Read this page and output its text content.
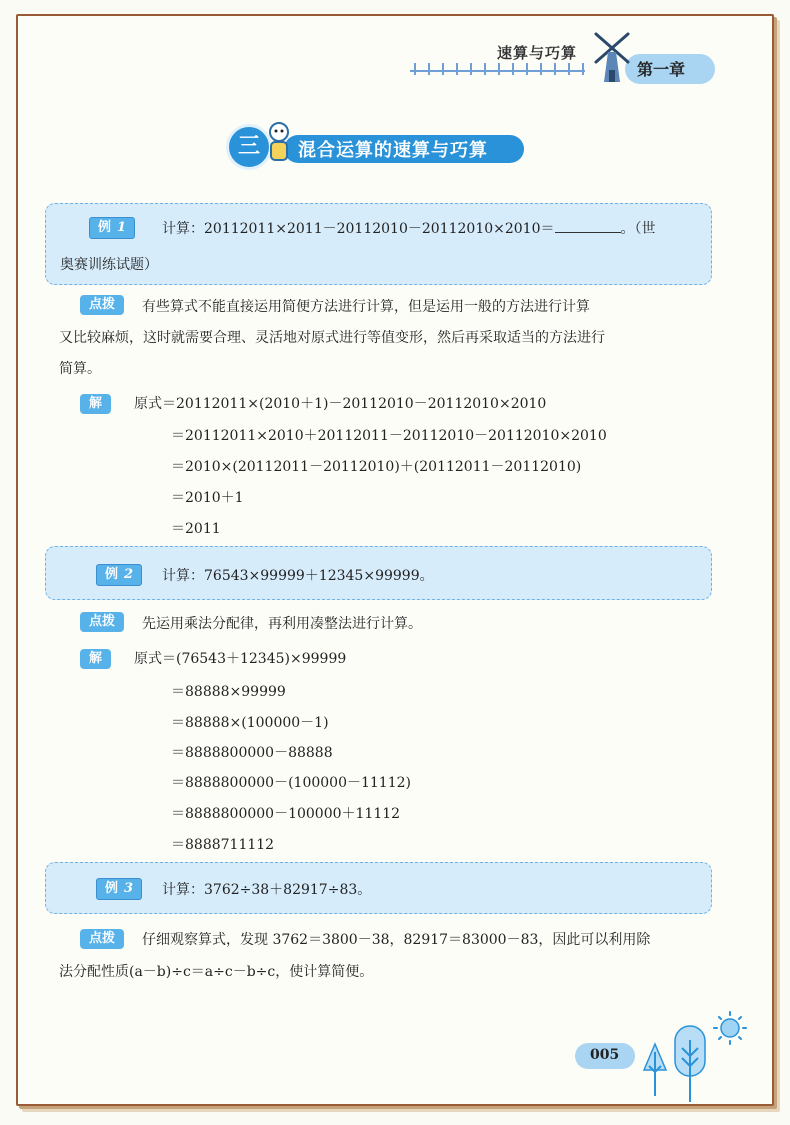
速算与巧算
第一章
三	混合运算的速算与巧算
例 1	计算：20112011×2011－20112010－20112010×2010＝	。（世
奥赛训练试题）
点拨	有些算式不能直接运用简便方法进行计算，但是运用一般的方法进行计算
又比较麻烦，这时就需要合理、灵活地对原式进行等值变形，然后再采取适当的方法进行
简算。
解	原式＝20112011×(2010＋1)－20112010－20112010×2010
＝20112011×2010＋20112011－20112010－20112010×2010
＝2010×(20112011－20112010)＋(20112011－20112010)
＝2010＋1
＝2011
例 2	计算：76543×99999＋12345×99999。
点拨	先运用乘法分配律，再利用凑整法进行计算。
解	原式＝(76543＋12345)×99999
＝88888×99999
＝88888×(100000－1)
＝8888800000－88888
＝8888800000－(100000－11112)
＝8888800000－100000＋11112
＝8888711112
例 3	计算：3762÷38＋82917÷83。
点拨	仔细观察算式，发现 3762＝3800－38，82917＝83000－83，因此可以利用除
法分配性质(a－b)÷c＝a÷c－b÷c，使计算简便。
005
